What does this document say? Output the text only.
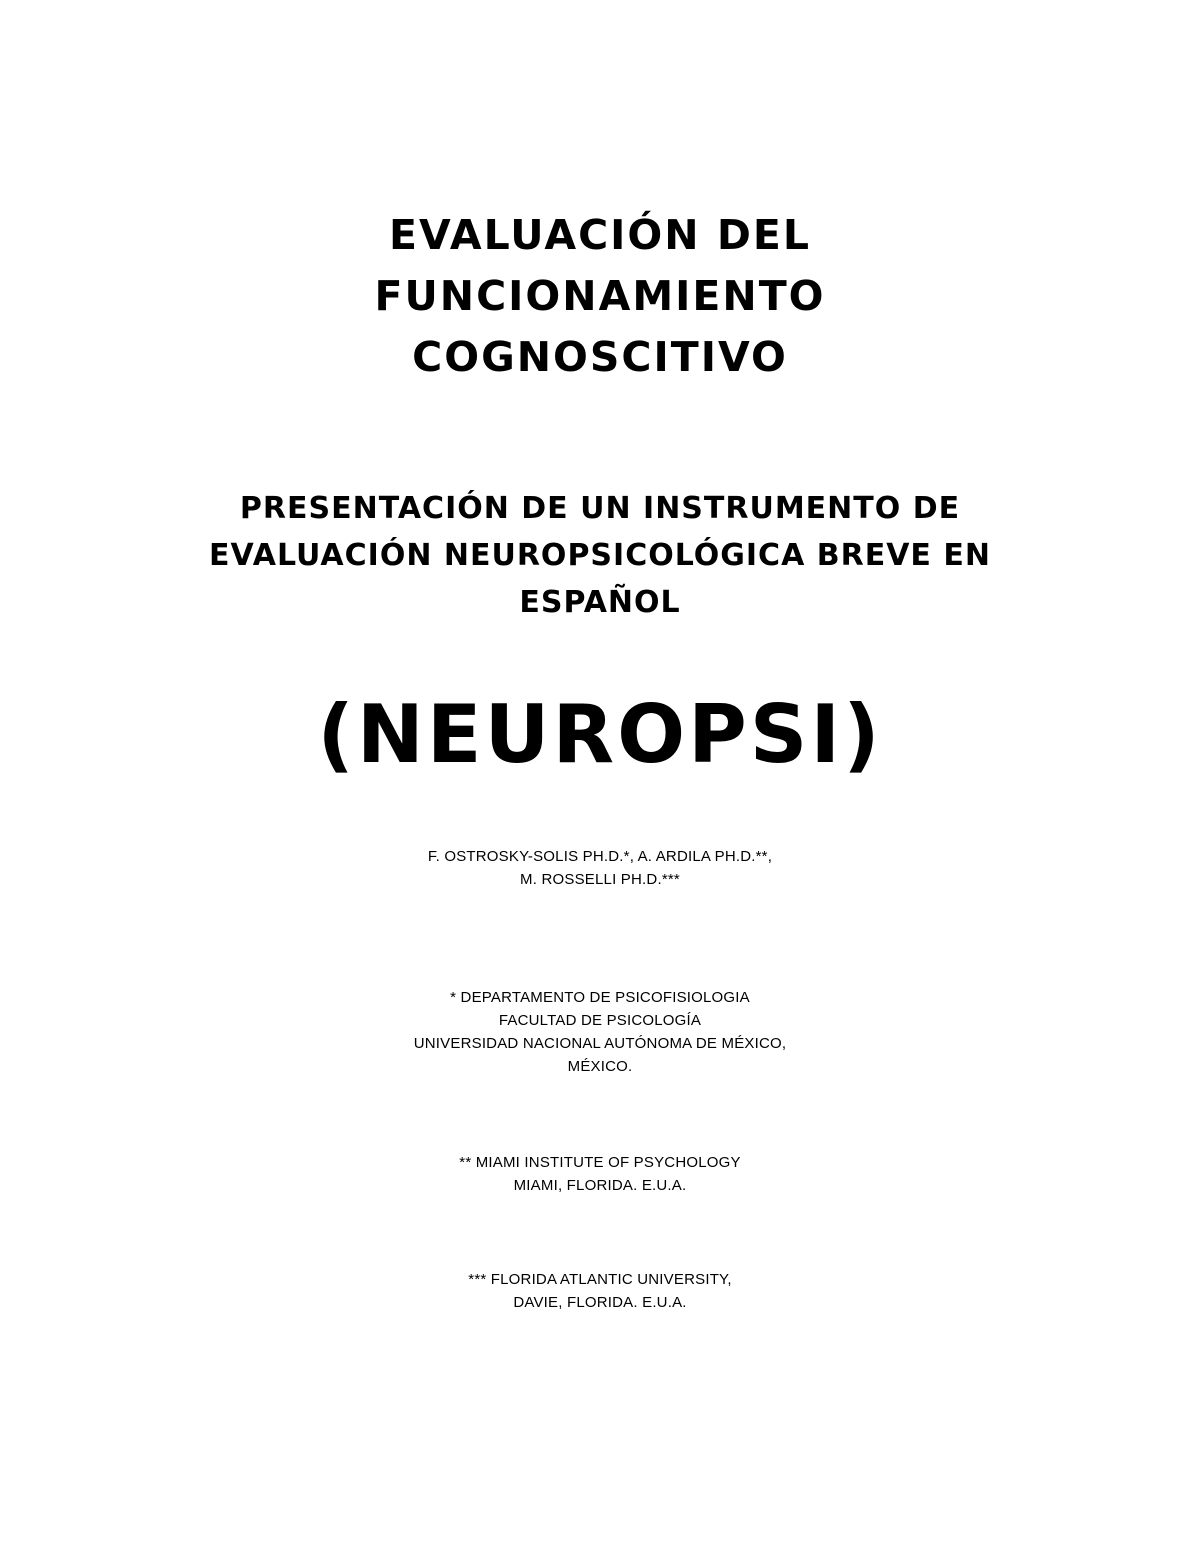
EVALUACIÓN DEL
FUNCIONAMIENTO
COGNOSCITIVO
PRESENTACIÓN DE UN INSTRUMENTO DE
EVALUACIÓN NEUROPSICOLÓGICA BREVE EN
ESPAÑOL
(NEUROPSI)
F. OSTROSKY-SOLIS PH.D.*, A. ARDILA PH.D.**,
M. ROSSELLI PH.D.***
* DEPARTAMENTO DE PSICOFISIOLOGIA
FACULTAD DE PSICOLOGÍA
UNIVERSIDAD NACIONAL AUTÓNOMA DE MÉXICO,
MÉXICO.
** MIAMI INSTITUTE OF PSYCHOLOGY
MIAMI, FLORIDA. E.U.A.
*** FLORIDA ATLANTIC UNIVERSITY,
DAVIE, FLORIDA. E.U.A.
